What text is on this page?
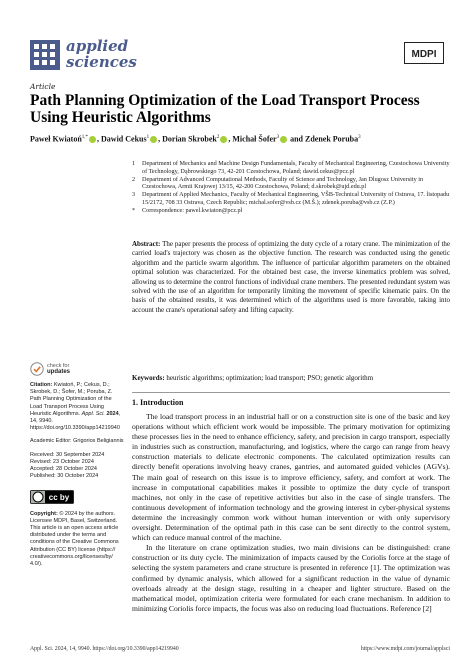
applied
sciences	MDPI
Article
Path Planning Optimization of the Load Transport Process Using Heuristic Algorithms
Paweł Kwiatoń$^{1,*}$ , Dawid Cekus$^1$ , Dorian Skrobek$^2$ , Michał Šofer$^3$ and Zdenek Poruba$^3$
1	Department of Mechanics and Machine Design Fundamentals, Faculty of Mechanical Engineering, Czestochowa University of Technology, Dąbrowskiego 73, 42-201 Czestochowa, Poland; dawid.cekus@pcz.pl
2	Department of Advanced Computational Methods, Faculty of Science and Technology, Jan Dlugosz University in Czestochowa, Armii Krajowej 13/15, 42-200 Czestochowa, Poland; d.skrobek@ujd.edu.pl
3	Department of Applied Mechanics, Faculty of Mechanical Engineering, VŠB-Technical University of Ostrava, 17. listopadu 15/2172, 708 33 Ostrava, Czech Republic; michal.sofer@vsb.cz (M.Š.); zdenek.poruba@vsb.cz (Z.P.)
*	Correspondence: pawel.kwiaton@pcz.pl
Abstract: The paper presents the process of optimizing the duty cycle of a rotary crane. The minimization of the carried load's trajectory was chosen as the objective function. The research was conducted using the genetic algorithm and the particle swarm algorithm. The influence of particular algorithm parameters on the obtained optimal solution was characterized. For the obtained best case, the inverse kinematics problem was solved, allowing us to determine the control functions of individual crane members. The presented redundant system was solved with the use of an algorithm for temporarily limiting the movement of specific kinematic pairs. On the basis of the obtained results, it was determined which of the algorithms used is more favorable, taking into account the crane's operational safety and lifting capacity.
Keywords: heuristic algorithms; optimization; load transport; PSO; genetic algorithm
check for
updates
Citation: Kwiatoń, P.; Cekus, D.; Skrobek, D.; Šofer, M.; Poruba, Z. Path Planning Optimization of the Load Transport Process Using Heuristic Algorithms. Appl. Sci. 2024, 14, 9940. https://doi.org/10.3390/app14219940
Academic Editor: Grigorios Beligiannis
Received: 30 September 2024
Revised: 23 October 2024
Accepted: 28 October 2024
Published: 30 October 2024
cc by
Copyright: © 2024 by the authors. Licensee MDPI, Basel, Switzerland. This article is an open access article distributed under the terms and conditions of the Creative Commons Attribution (CC BY) license (https:// creativecommons.org/licenses/by/ 4.0/).
1. Introduction

The load transport process in an industrial hall or on a construction site is one of the basic and key operations without which efficient work would be impossible. The primary motivation for optimizing these processes lies in the need to enhance efficiency, safety, and precision in cargo transport, especially in industries such as construction, manufacturing, and logistics, where the cargo can range from heavy construction materials to delicate electronic components. The calculated optimization results can directly benefit operations involving heavy cranes, gantries, and automated guided vehicles (AGVs). The main goal of research on this issue is to improve efficiency, safety, and comfort at work. The increase in computational capabilities makes it possible to optimize the duty cycle of transport machines, not only in the case of repetitive activities but also in the case of single transfers. The continuous development of information technology and the growing interest in cyber-physical systems determine the increasingly common work without human intervention or with only supervisory oversight. Determination of the optimal path in this case can be sent directly to the control system, which can reduce manual control of the machine.

In the literature on crane optimization studies, two main divisions can be distinguished: crane construction or its duty cycle. The minimization of impacts caused by the Coriolis force at the stage of selecting the system parameters and crane structure is presented in reference [1]. The optimization was confirmed by dynamic analysis, which allowed for a significant reduction in the value of dynamic overloads already at the design stage, resulting in a cheaper and lighter structure. Based on the mathematical model, optimization criteria were formulated for each crane mechanism. In addition to minimizing Coriolis force impacts, the focus was also on reducing load fluctuations. Reference [2]

Appl. Sci. 2024, 14, 9940. https://doi.org/10.3390/app14219940	https://www.mdpi.com/journal/applsci
